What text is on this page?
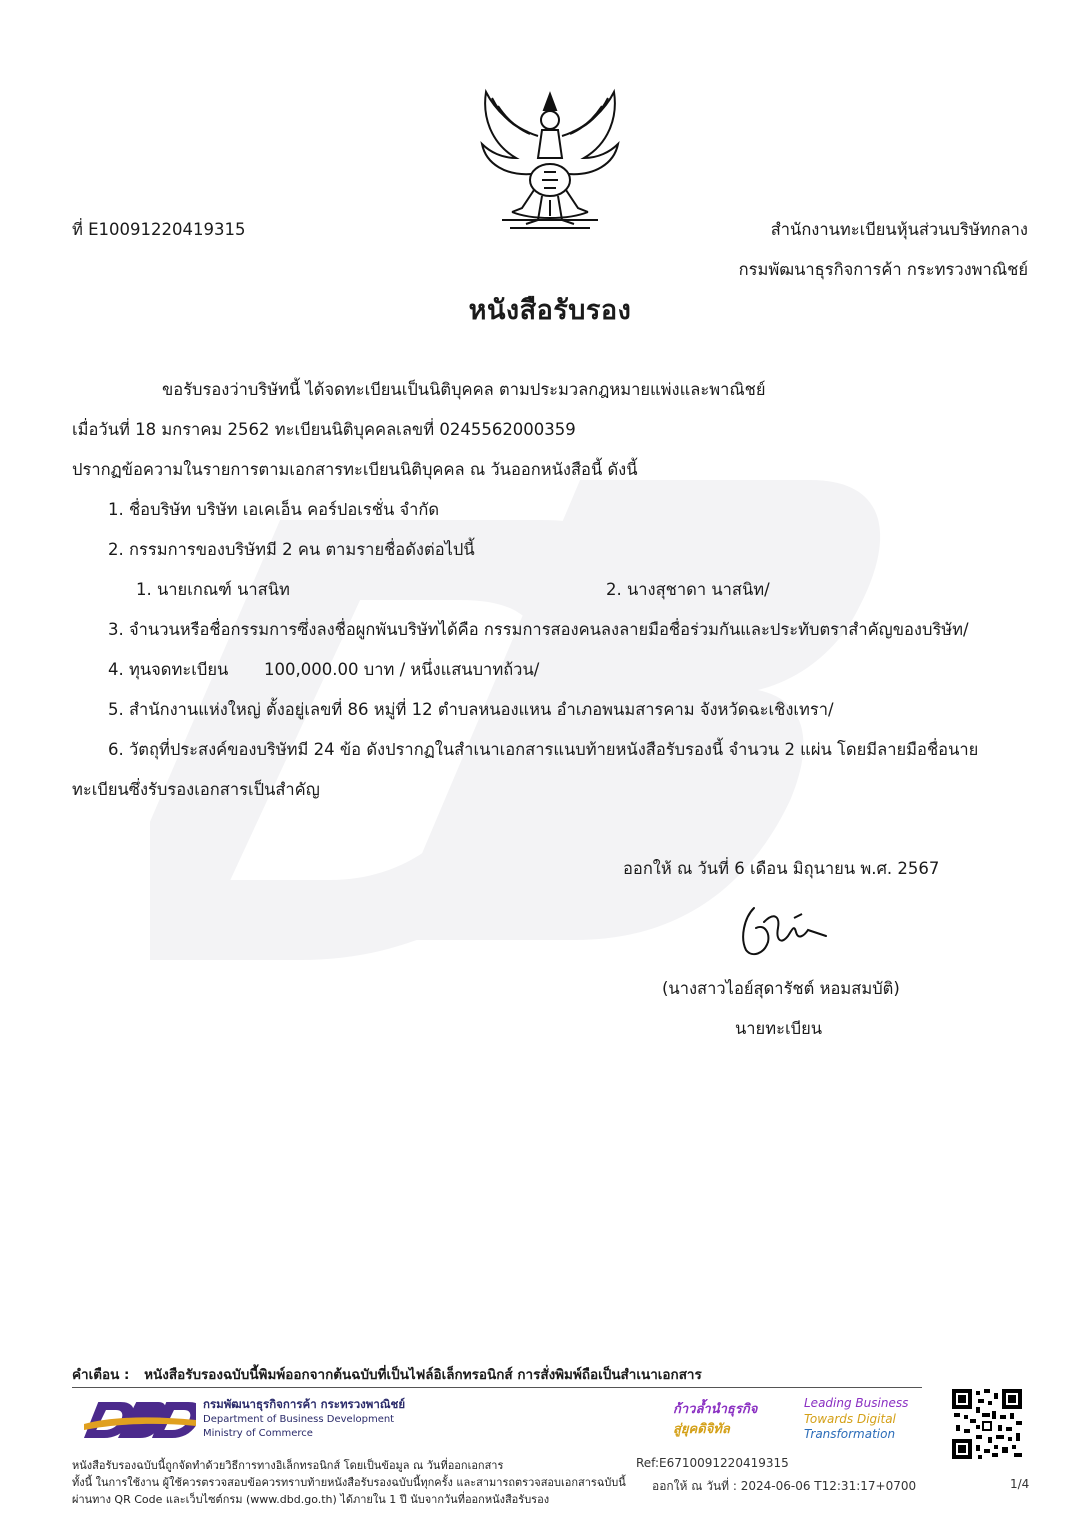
ที่ E10091220419315	สำนักงานทะเบียนหุ้นส่วนบริษัทกลาง
กรมพัฒนาธุรกิจการค้า กระทรวงพาณิชย์
หนังสือรับรอง
ขอรับรองว่าบริษัทนี้ ได้จดทะเบียนเป็นนิติบุคคล ตามประมวลกฎหมายแพ่งและพาณิชย์
เมื่อวันที่ 18 มกราคม 2562 ทะเบียนนิติบุคคลเลขที่ 0245562000359
ปรากฏข้อความในรายการตามเอกสารทะเบียนนิติบุคคล ณ วันออกหนังสือนี้ ดังนี้
1. ชื่อบริษัท บริษัท เอเคเอ็น คอร์ปอเรชั่น จำกัด
2. กรรมการของบริษัทมี 2 คน ตามรายชื่อดังต่อไปนี้
1. นายเกณฑ์ นาสนิท	2. นางสุชาดา นาสนิท/
3. จำนวนหรือชื่อกรรมการซึ่งลงชื่อผูกพันบริษัทได้คือ กรรมการสองคนลงลายมือชื่อร่วมกันและประทับตราสำคัญของบริษัท/
4. ทุนจดทะเบียน 100,000.00 บาท / หนึ่งแสนบาทถ้วน/
5. สำนักงานแห่งใหญ่ ตั้งอยู่เลขที่ 86 หมู่ที่ 12 ตำบลหนองแหน อำเภอพนมสารคาม จังหวัดฉะเชิงเทรา/
6. วัตถุที่ประสงค์ของบริษัทมี 24 ข้อ ดังปรากฏในสำเนาเอกสารแนบท้ายหนังสือรับรองนี้ จำนวน 2 แผ่น โดยมีลายมือชื่อนาย
ทะเบียนซึ่งรับรองเอกสารเป็นสำคัญ
ออกให้ ณ วันที่ 6 เดือน มิถุนายน พ.ศ. 2567
(นางสาวไอย์สุดารัชต์ หอมสมบัติ)
นายทะเบียน
คำเตือน : หนังสือรับรองฉบับนี้พิมพ์ออกจากต้นฉบับที่เป็นไฟล์อิเล็กทรอนิกส์ การสั่งพิมพ์ถือเป็นสำเนาเอกสาร
กรมพัฒนาธุรกิจการค้า กระทรวงพาณิชย์
Department of Business Development
Ministry of Commerce
ก้าวล้ำนำธุรกิจ
สู่ยุคดิจิทัล
Leading Business
Towards Digital
Transformation
หนังสือรับรองฉบับนี้ถูกจัดทำด้วยวิธีการทางอิเล็กทรอนิกส์ โดยเป็นข้อมูล ณ วันที่ออกเอกสาร
ทั้งนี้ ในการใช้งาน ผู้ใช้ควรตรวจสอบข้อควรทราบท้ายหนังสือรับรองฉบับนี้ทุกครั้ง และสามารถตรวจสอบเอกสารฉบับนี้
ผ่านทาง QR Code และเว็บไซต์กรม (www.dbd.go.th) ได้ภายใน 1 ปี นับจากวันที่ออกหนังสือรับรอง
Ref:E6710091220419315
ออกให้ ณ วันที่ : 2024-06-06 T12:31:17+0700	1/4
